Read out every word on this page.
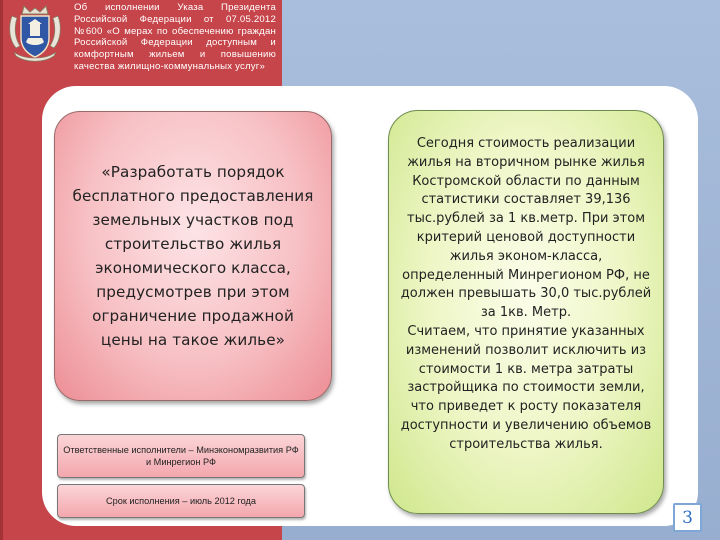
Об исполнении Указа Президента Российской Федерации от 07.05.2012 №600 «О мерах по обеспечению граждан Российской Федерации доступным и комфортным жильем и повышению качества жилищно-коммунальных услуг»
«Разработать порядок бесплатного предоставления земельных участков под строительство жилья экономического класса, предусмотрев при этом ограничение продажной цены на такое жилье»
Ответственные исполнители – Минэкономразвития РФ и Минрегион РФ
Срок исполнения – июль 2012 года
Сегодня стоимость реализации жилья на вторичном рынке жилья Костромской области по данным статистики составляет 39,136 тыс.рублей за 1 кв.метр. При этом критерий ценовой доступности жилья эконом-класса, определенный Минрегионом РФ, не должен превышать 30,0 тыс.рублей за 1кв. Метр.
Считаем, что принятие указанных изменений позволит исключить из стоимости 1 кв. метра затраты застройщика по стоимости земли, что приведет к росту показателя доступности и увеличению объемов строительства жилья.
3
